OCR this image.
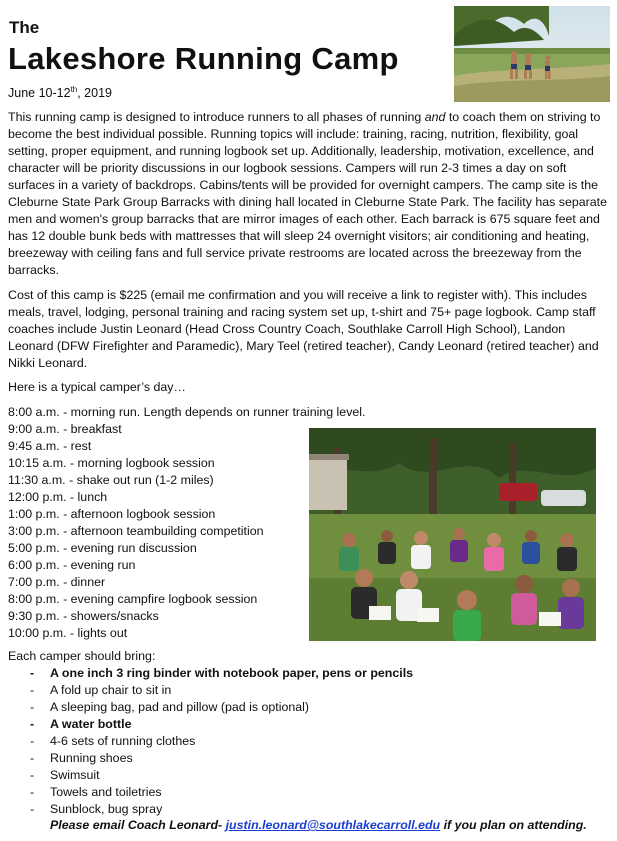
The
Lakeshore Running Camp
June 10-12th, 2019

This running camp is designed to introduce runners to all phases of running and to coach them on striving to become the best individual possible. Running topics will include: training, racing, nutrition, flexibility, goal setting, proper equipment, and running logbook set up. Additionally, leadership, motivation, excellence, and character will be priority discussions in our logbook sessions. Campers will run 2-3 times a day on soft surfaces in a variety of backdrops. Cabins/tents will be provided for overnight campers. The camp site is the Cleburne State Park Group Barracks with dining hall located in Cleburne State Park. The facility has separate men and women's group barracks that are mirror images of each other. Each barrack is 675 square feet and has 12 double bunk beds with mattresses that will sleep 24 overnight visitors; air conditioning and heating, breezeway with ceiling fans and full service private restrooms are located across the breezeway from the barracks.

Cost of this camp is $225 (email me confirmation and you will receive a link to register with). This includes meals, travel, lodging, personal training and racing system set up, t-shirt and 75+ page logbook. Camp staff coaches include Justin Leonard (Head Cross Country Coach, Southlake Carroll High School), Landon Leonard (DFW Firefighter and Paramedic), Mary Teel (retired teacher), Candy Leonard (retired teacher) and Nikki Leonard.

Here is a typical camper’s day…

8:00 a.m. - morning run. Length depends on runner training level.
9:00 a.m. - breakfast
9:45 a.m. - rest
10:15 a.m. - morning logbook session
11:30 a.m. - shake out run (1-2 miles)
12:00 p.m. - lunch
1:00 p.m. - afternoon logbook session
3:00 p.m. - afternoon teambuilding competition
5:00 p.m. - evening run discussion
6:00 p.m. - evening run
7:00 p.m. - dinner
8:00 p.m. - evening campfire logbook session
9:30 p.m. - showers/snacks
10:00 p.m. - lights out
Each camper should bring:
- A one inch 3 ring binder with notebook paper, pens or pencils
- A fold up chair to sit in
- A sleeping bag, pad and pillow (pad is optional)
- A water bottle
- 4-6 sets of running clothes
- Running shoes
- Swimsuit
- Towels and toiletries
- Sunblock, bug spray
Please email Coach Leonard- justin.leonard@southlakecarroll.edu if you plan on attending.
